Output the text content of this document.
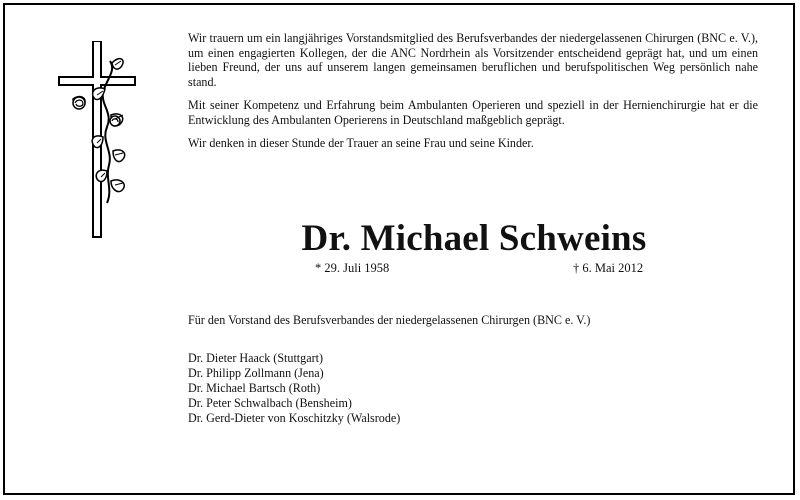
Wir trauern um ein langjähriges Vorstandsmitglied des Berufsverbandes der niedergelassenen Chirurgen (BNC e. V.), um einen engagierten Kollegen, der die ANC Nordrhein als Vorsitzender entscheidend geprägt hat, und um einen lieben Freund, der uns auf unserem langen gemeinsamen beruflichen und berufspolitischen Weg persönlich nahe stand.

Mit seiner Kompetenz und Erfahrung beim Ambulanten Operieren und speziell in der Hernienchirurgie hat er die Entwicklung des Ambulanten Operierens in Deutschland maßgeblich geprägt.

Wir denken in dieser Stunde der Trauer an seine Frau und seine Kinder.

Dr. Michael Schweins
* 29. Juli 1958	† 6. Mai 2012
Für den Vorstand des Berufsverbandes der niedergelassenen Chirurgen (BNC e. V.)
Dr. Dieter Haack (Stuttgart)
Dr. Philipp Zollmann (Jena)
Dr. Michael Bartsch (Roth)
Dr. Peter Schwalbach (Bensheim)
Dr. Gerd-Dieter von Koschitzky (Walsrode)
